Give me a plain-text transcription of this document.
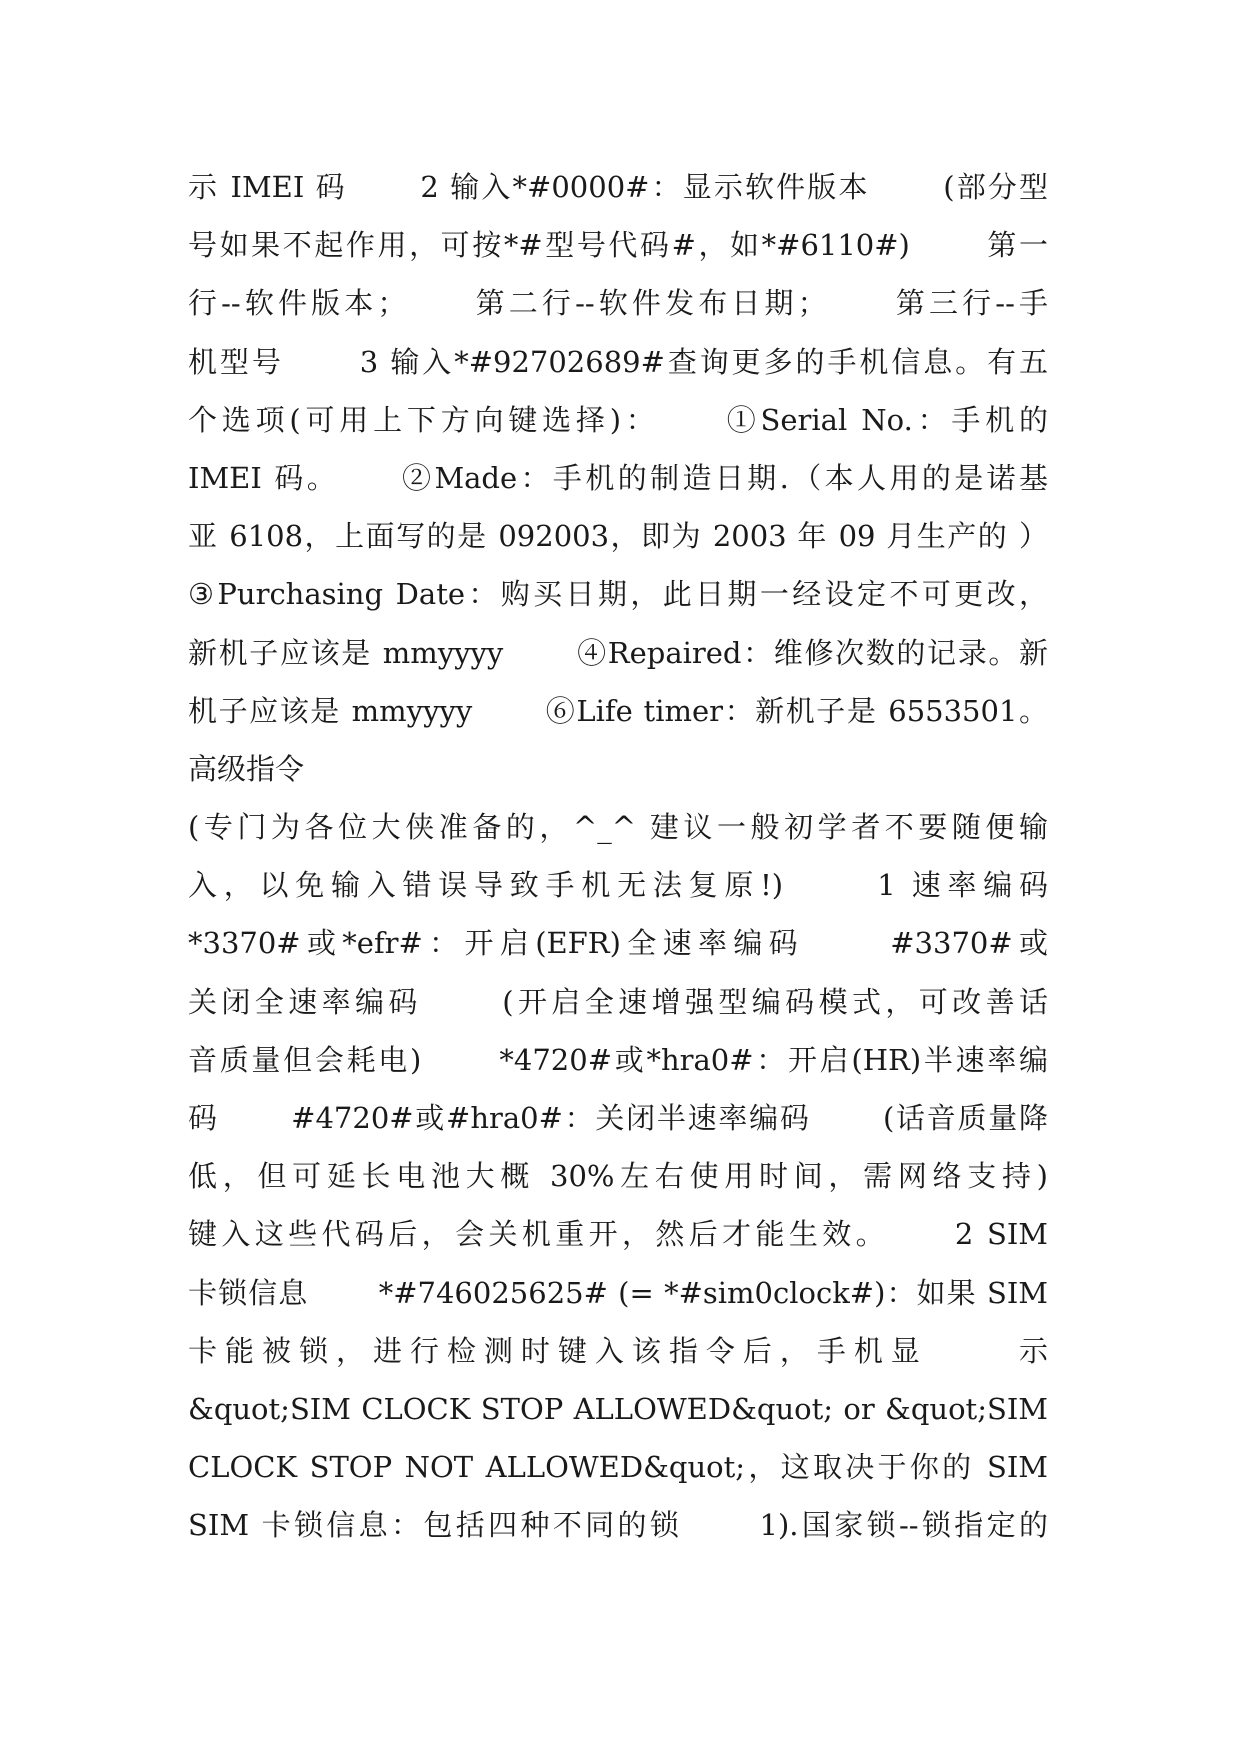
示 IMEI 码　　 2 输入*#0000#：显示软件版本　　 (部分型
号如果不起作用，可按*#型号代码#，如*#6110#)　　 第一
行--软件版本；　　 第二行--软件发布日期；　　 第三行--手
机型号　　 3 输入*#92702689#查询更多的手机信息。有五
个选项(可用上下方向键选择)：　　 ①Serial No.：手机的
IMEI 码。　　 ②Made：手机的制造日期.（本人用的是诺基
亚 6108，上面写的是 092003，即为 2003 年 09 月生产的 ）
③Purchasing Date：购买日期，此日期一经设定不可更改，
新机子应该是 mmyyyy　　 ④Repaired：维修次数的记录。新
机子应该是 mmyyyy　　 ⑥Life timer：新机子是 6553501。
高级指令
(专门为各位大侠准备的，^_^ 建议一般初学者不要随便输
入，以免输入错误导致手机无法复原!)　　 1 速率编码
*3370#或*efr#：开启(EFR)全速率编码　　 #3370#或
关闭全速率编码　　 (开启全速增强型编码模式，可改善话
音质量但会耗电)　　 *4720#或*hra0#：开启(HR)半速率编
码　　 #4720#或#hra0#：关闭半速率编码　　 (话音质量降
低，但可延长电池大概 30%左右使用时间，需网络支持)
键入这些代码后，会关机重开，然后才能生效。　　 2 SIM
卡锁信息　　 *#746025625# (= *#sim0clock#)：如果 SIM
卡能被锁，进行检测时键入该指令后，手机显　　 示
&quot;SIM CLOCK STOP ALLOWED&quot; or &quot;SIM
CLOCK STOP NOT ALLOWED&quot;，这取决于你的 SIM
SIM 卡锁信息：包括四种不同的锁　　 1).国家锁--锁指定的
